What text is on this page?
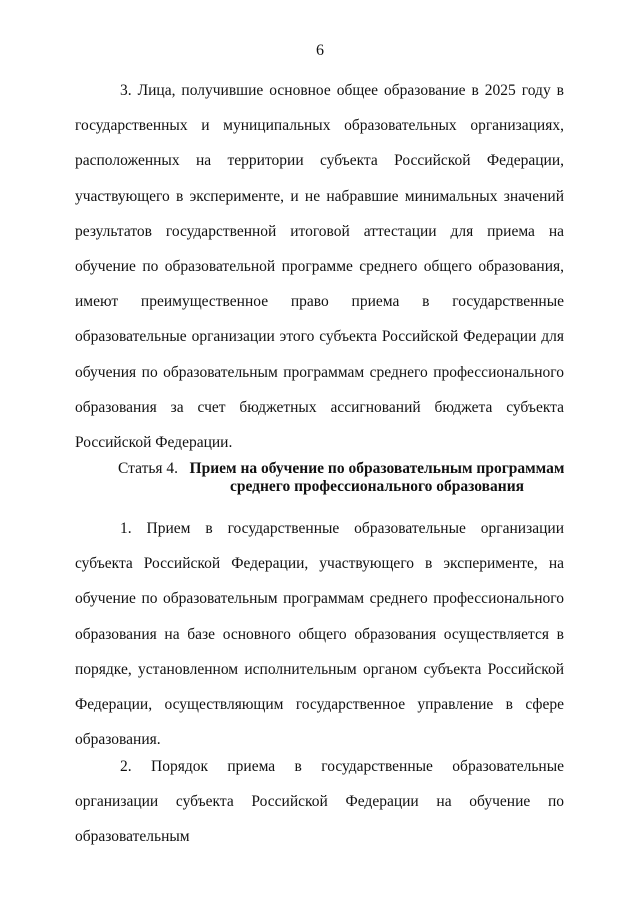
6

3. Лица, получившие основное общее образование в 2025 году в государственных и муниципальных образовательных организациях, расположенных на территории субъекта Российской Федерации, участвующего в эксперименте, и не набравшие минимальных значений результатов государственной итоговой аттестации для приема на обучение по образовательной программе среднего общего образования, имеют преимущественное право приема в государственные образовательные организации этого субъекта Российской Федерации для обучения по образовательным программам среднего профессионального образования за счет бюджетных ассигнований бюджета субъекта Российской Федерации.

Статья 4. Прием на обучение по образовательным программам
среднего профессионального образования

1. Прием в государственные образовательные организации субъекта Российской Федерации, участвующего в эксперименте, на обучение по образовательным программам среднего профессионального образования на базе основного общего образования осуществляется в порядке, установленном исполнительным органом субъекта Российской Федерации, осуществляющим государственное управление в сфере образования.

2. Порядок приема в государственные образовательные организации субъекта Российской Федерации на обучение по образовательным
